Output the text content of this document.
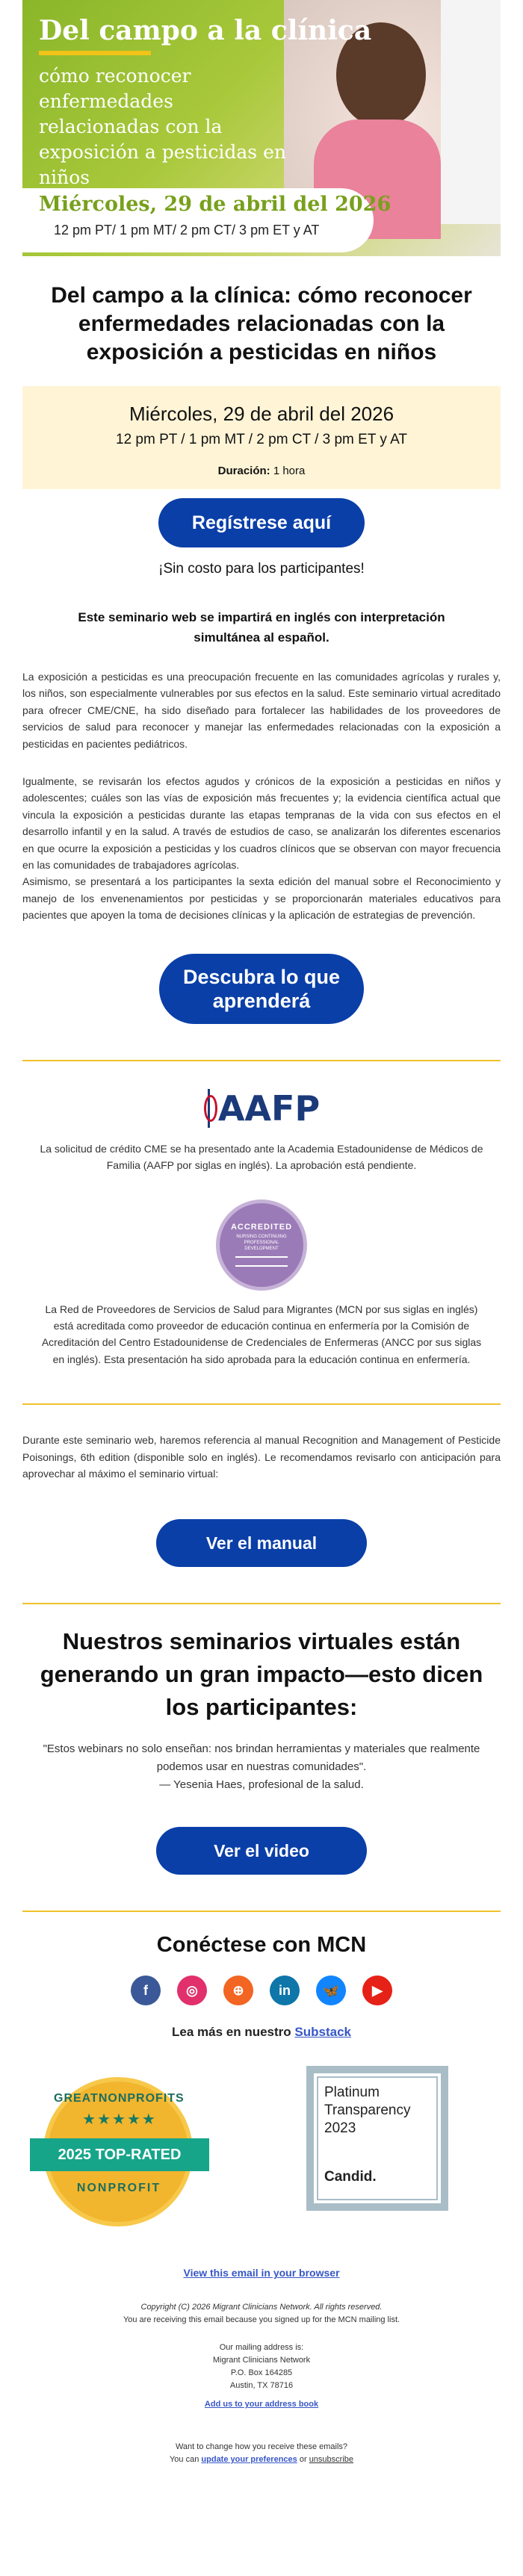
Del campo a la clínica
cómo reconocer enfermedades relacionadas con la exposición a pesticidas en niños
Miércoles, 29 de abril del 2026
12 pm PT/ 1 pm MT/ 2 pm CT/ 3 pm ET y AT
Del campo a la clínica: cómo reconocer enfermedades relacionadas con la exposición a pesticidas en niños
Miércoles, 29 de abril del 2026
12 pm PT / 1 pm MT / 2 pm CT / 3 pm ET y AT
Duración: 1 hora
Regístrese aquí
¡Sin costo para los participantes!
Este seminario web se impartirá en inglés con interpretación simultánea al español.

La exposición a pesticidas es una preocupación frecuente en las comunidades agrícolas y rurales y, los niños, son especialmente vulnerables por sus efectos en la salud. Este seminario virtual acreditado para ofrecer CME/CNE, ha sido diseñado para fortalecer las habilidades de los proveedores de servicios de salud para reconocer y manejar las enfermedades relacionadas con la exposición a pesticidas en pacientes pediátricos.

Igualmente, se revisarán los efectos agudos y crónicos de la exposición a pesticidas en niños y adolescentes; cuáles son las vías de exposición más frecuentes y; la evidencia científica actual que vincula la exposición a pesticidas durante las etapas tempranas de la vida con sus efectos en el desarrollo infantil y en la salud. A través de estudios de caso, se analizarán los diferentes escenarios en que ocurre la exposición a pesticidas y los cuadros clínicos que se observan con mayor frecuencia en las comunidades de trabajadores agrícolas.

Asimismo, se presentará a los participantes la sexta edición del manual sobre el Reconocimiento y manejo de los envenenamientos por pesticidas y se proporcionarán materiales educativos para pacientes que apoyen la toma de decisiones clínicas y la aplicación de estrategias de prevención.

Descubra lo que aprenderá
AAFP

La solicitud de crédito CME se ha presentado ante la Academia Estadounidense de Médicos de Familia (AAFP por siglas en inglés). La aprobación está pendiente.

ACCREDITED
NURSING CONTINUING PROFESSIONAL DEVELOPMENT

La Red de Proveedores de Servicios de Salud para Migrantes (MCN por sus siglas en inglés) está acreditada como proveedor de educación continua en enfermería por la Comisión de Acreditación del Centro Estadounidense de Credenciales de Enfermeras (ANCC por sus siglas en inglés). Esta presentación ha sido aprobada para la educación continua en enfermería.

Durante este seminario web, haremos referencia al manual Recognition and Management of Pesticide Poisonings, 6th edition (disponible solo en inglés). Le recomendamos revisarlo con anticipación para aprovechar al máximo el seminario virtual:

Ver el manual
Nuestros seminarios virtuales están generando un gran impacto—esto dicen los participantes:
"Estos webinars no solo enseñan: nos brindan herramientas y materiales que realmente podemos usar en nuestras comunidades".
— Yesenia Haes, profesional de la salud.
Ver el video
Conéctese con MCN
f	◎	⊕	in	🦋	▶
Lea más en nuestro Substack
GREATNONPROFITS
★★★★★
2025 TOP-RATED
NONPROFIT
Platinum
Transparency
2023
Candid.
View this email in your browser
Copyright (C) 2026 Migrant Clinicians Network. All rights reserved.
You are receiving this email because you signed up for the MCN mailing list.
Our mailing address is:
Migrant Clinicians Network
P.O. Box 164285
Austin, TX 78716
Add us to your address book
Want to change how you receive these emails?
You can update your preferences or unsubscribe
